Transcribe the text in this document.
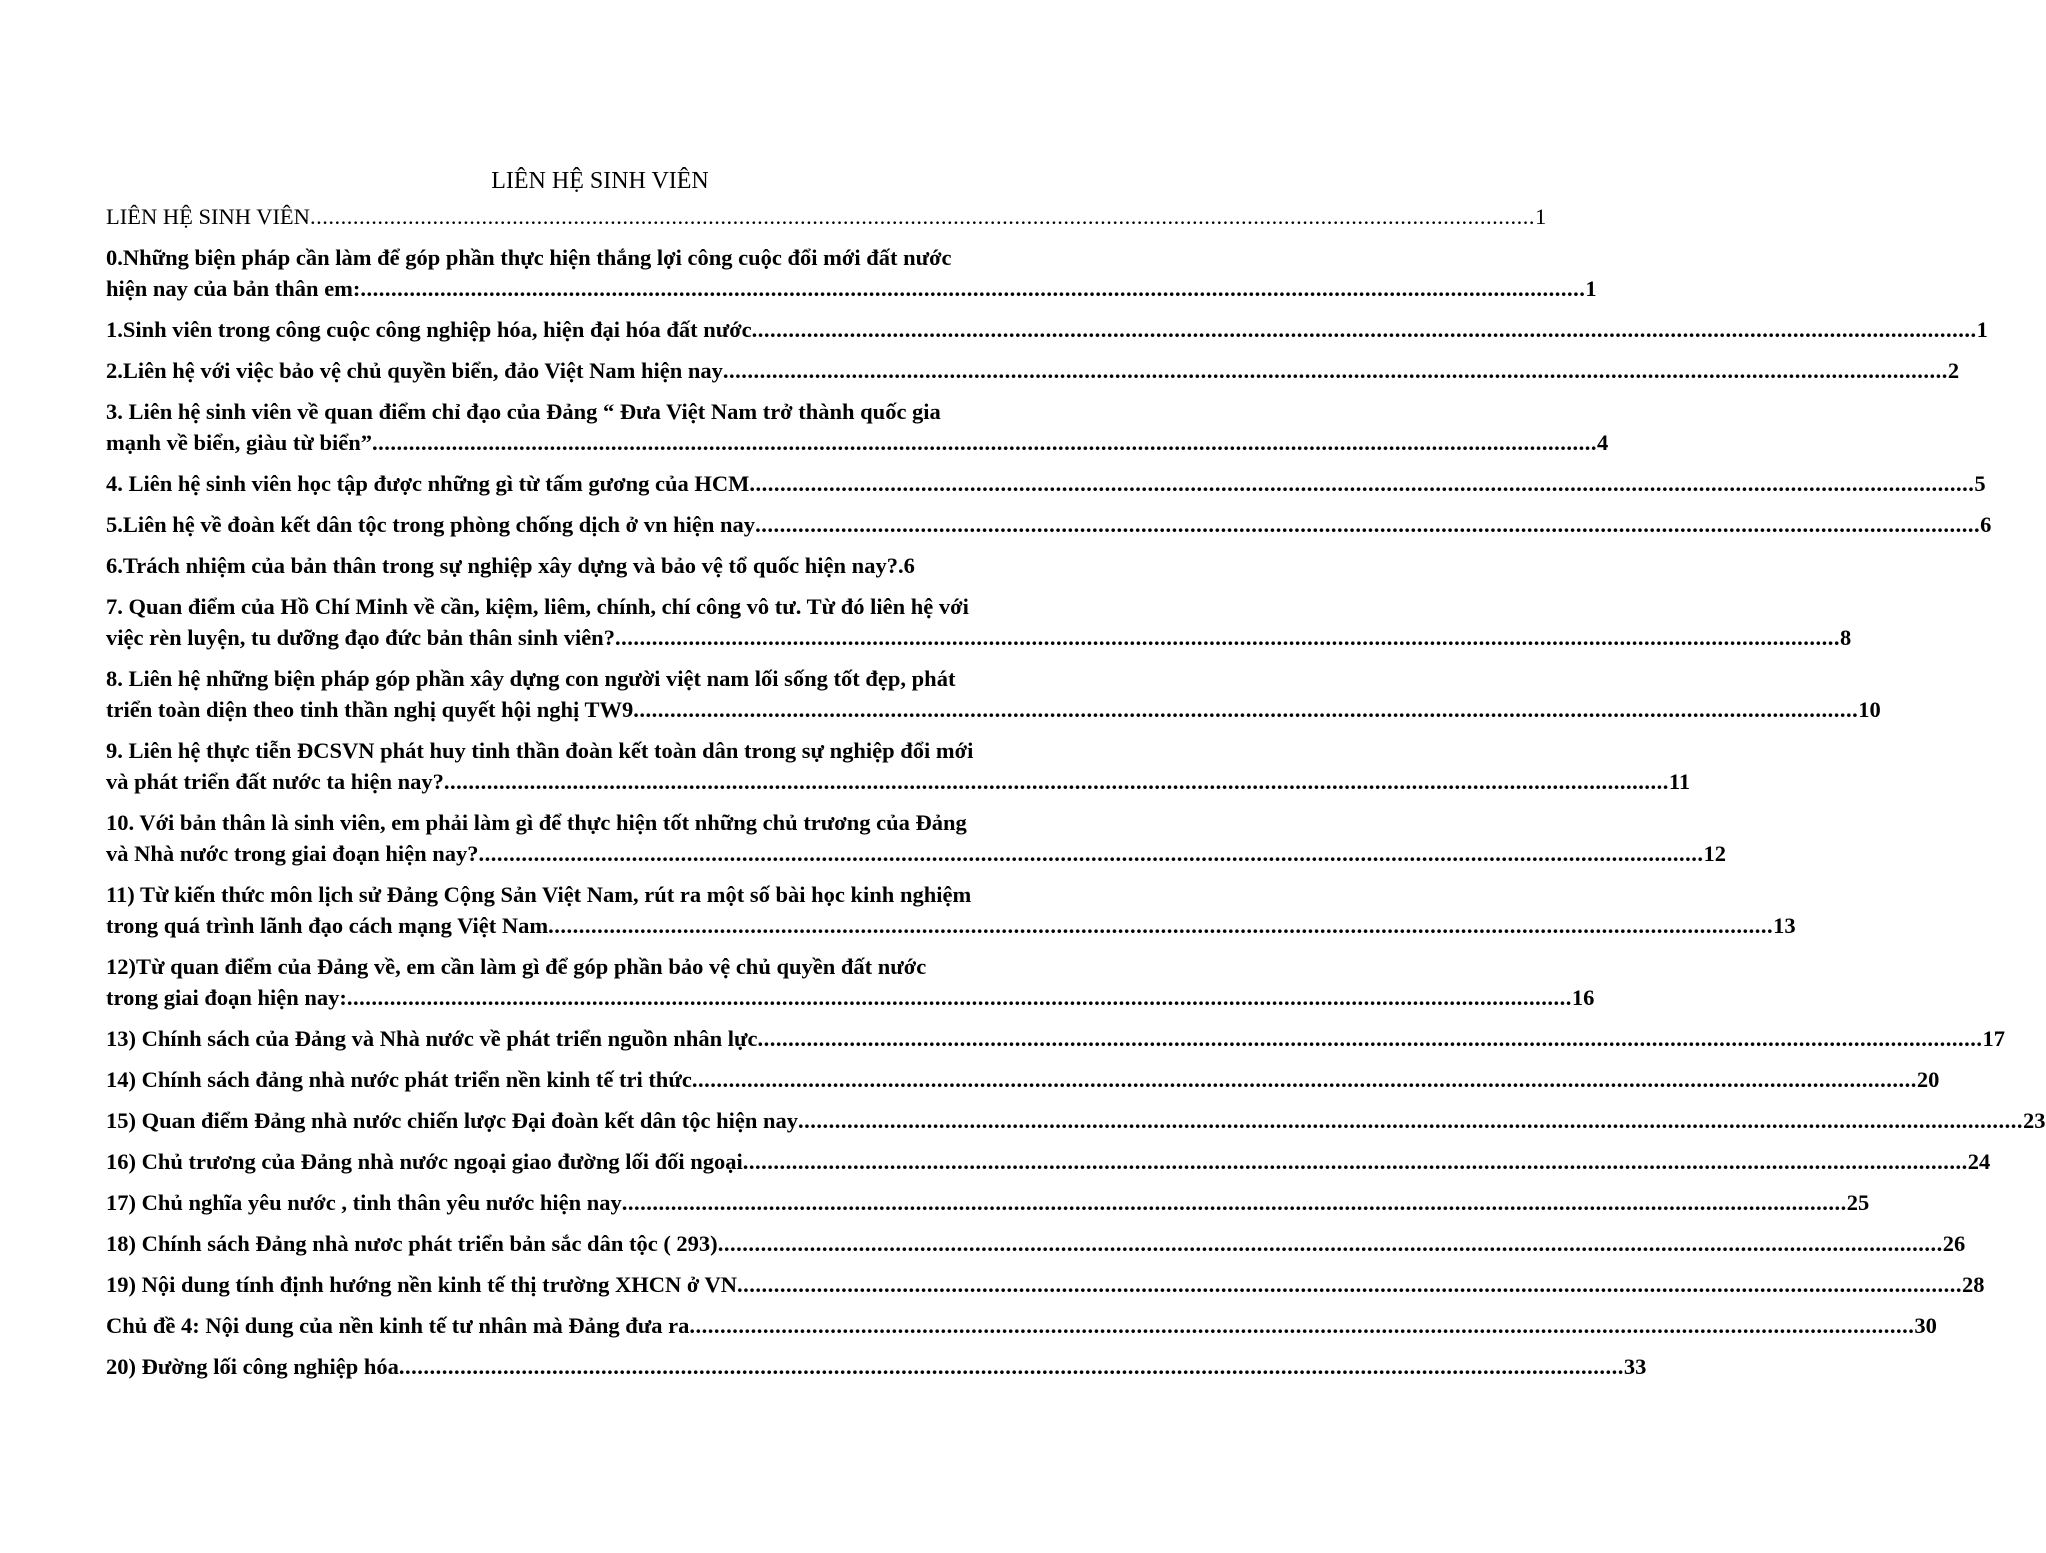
LIÊN HỆ SINH VIÊN
LIÊN HỆ SINH VIÊN ........................................................................................................................................................................................................ 1
0.Những biện pháp cần làm để góp phần thực hiện thắng lợi công cuộc đổi mới đất nước
hiện nay của bản thân em: ........................................................................................................................................................................................................ 1
1.Sinh viên trong công cuộc công nghiệp hóa, hiện đại hóa đất nước ........................................................................................................................................................................................................ 1
2.Liên hệ với việc bảo vệ chủ quyền biển, đảo Việt Nam hiện nay ........................................................................................................................................................................................................ 2
3. Liên hệ sinh viên về quan điểm chỉ đạo của Đảng “ Đưa Việt Nam trở thành quốc gia
mạnh về biển, giàu từ biển” ........................................................................................................................................................................................................ 4
4. Liên hệ sinh viên học tập được những gì từ tấm gương của HCM ........................................................................................................................................................................................................ 5
5.Liên hệ về đoàn kết dân tộc trong phòng chống dịch ở vn hiện nay ........................................................................................................................................................................................................ 6
6.Trách nhiệm của bản thân trong sự nghiệp xây dựng và bảo vệ tổ quốc hiện nay?. 6
7. Quan điểm của Hồ Chí Minh về cần, kiệm, liêm, chính, chí công vô tư. Từ đó liên hệ với
việc rèn luyện, tu dưỡng đạo đức bản thân sinh viên? ........................................................................................................................................................................................................ 8
8. Liên hệ những biện pháp góp phần xây dựng con người việt nam lối sống tốt đẹp, phát
triển toàn diện theo tinh thần nghị quyết hội nghị TW9 ........................................................................................................................................................................................................ 10
9. Liên hệ thực tiễn ĐCSVN phát huy tinh thần đoàn kết toàn dân trong sự nghiệp đổi mới
và phát triển đất nước ta hiện nay? ........................................................................................................................................................................................................ 11
10. Với bản thân là sinh viên, em phải làm gì để thực hiện tốt những chủ trương của Đảng
và Nhà nước trong giai đoạn hiện nay? ........................................................................................................................................................................................................ 12
11) Từ kiến thức môn lịch sử Đảng Cộng Sản Việt Nam, rút ra một số bài học kinh nghiệm
trong quá trình lãnh đạo cách mạng Việt Nam ........................................................................................................................................................................................................ 13
12)Từ quan điểm của Đảng về, em cần làm gì để góp phần bảo vệ chủ quyền đất nước
trong giai đoạn hiện nay: ........................................................................................................................................................................................................ 16
13) Chính sách của Đảng và Nhà nước về phát triển nguồn nhân lực ........................................................................................................................................................................................................ 17
14) Chính sách đảng nhà nước phát triển nền kinh tế tri thức ........................................................................................................................................................................................................ 20
15) Quan điểm Đảng nhà nước chiến lược Đại đoàn kết dân tộc hiện nay ........................................................................................................................................................................................................ 23
16) Chủ trương của Đảng nhà nước ngoại giao đường lối đối ngoại ........................................................................................................................................................................................................ 24
17) Chủ nghĩa yêu nước , tinh thân yêu nước hiện nay ........................................................................................................................................................................................................ 25
18) Chính sách Đảng nhà nươc phát triển bản sắc dân tộc ( 293) ........................................................................................................................................................................................................ 26
19) Nội dung tính định hướng nền kinh tế thị trường XHCN ở VN ........................................................................................................................................................................................................ 28
Chủ đề 4: Nội dung của nền kinh tế tư nhân mà Đảng đưa ra ........................................................................................................................................................................................................ 30
20) Đường lối công nghiệp hóa ........................................................................................................................................................................................................ 33
